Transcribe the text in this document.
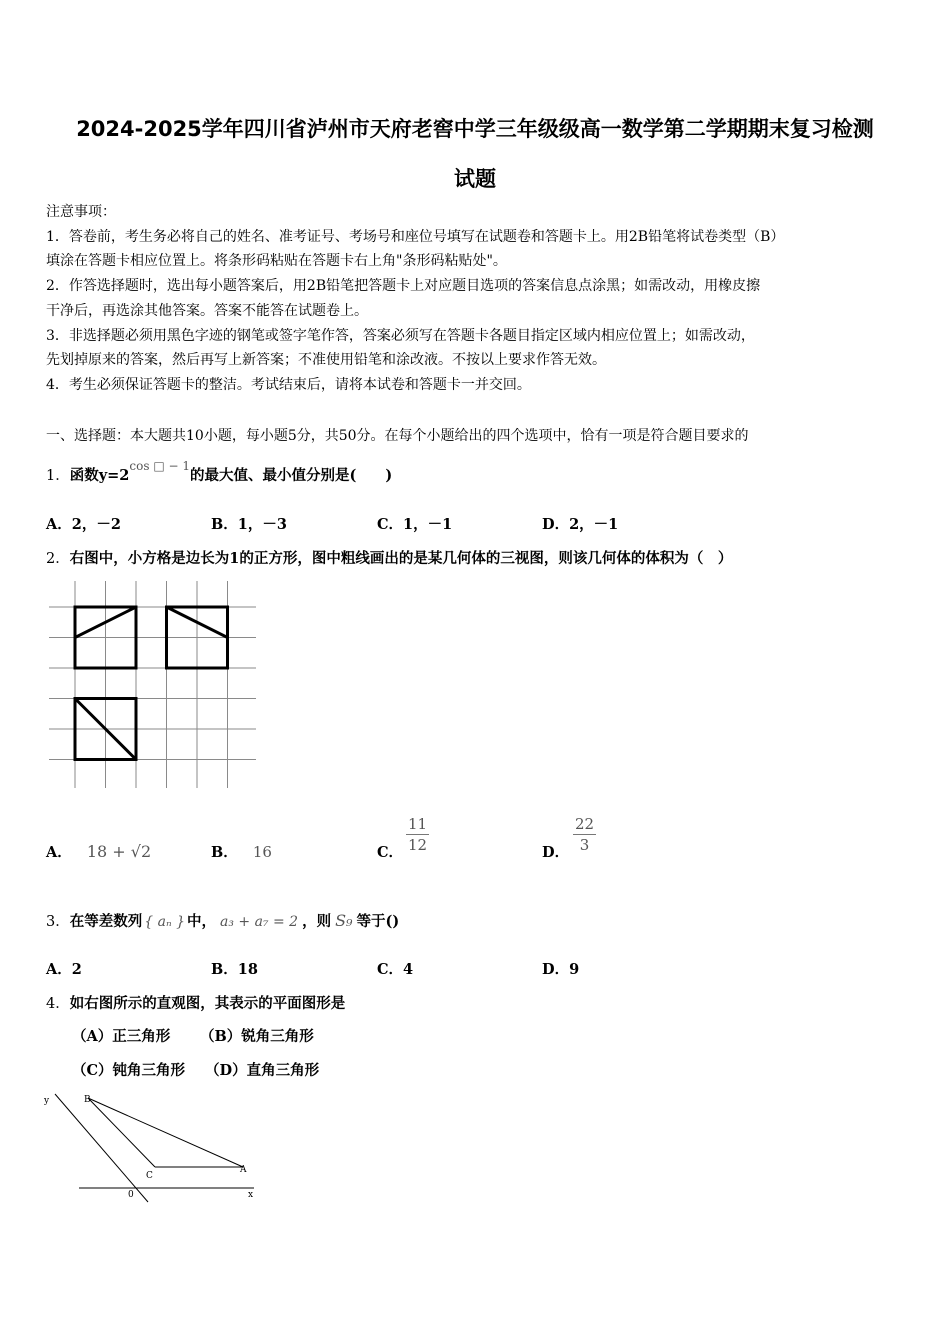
2024-2025学年四川省泸州市天府老窖中学三年级级高一数学第二学期期末复习检测
试题
注意事项：
1．答卷前，考生务必将自己的姓名、准考证号、考场号和座位号填写在试题卷和答题卡上。用2B铅笔将试卷类型（B）
填涂在答题卡相应位置上。将条形码粘贴在答题卡右上角"条形码粘贴处"。
2．作答选择题时，选出每小题答案后，用2B铅笔把答题卡上对应题目选项的答案信息点涂黑；如需改动，用橡皮擦
干净后，再选涂其他答案。答案不能答在试题卷上。
3．非选择题必须用黑色字迹的钢笔或签字笔作答，答案必须写在答题卡各题目指定区域内相应位置上；如需改动，
先划掉原来的答案，然后再写上新答案；不准使用铅笔和涂改液。不按以上要求作答无效。
4．考生必须保证答题卡的整洁。考试结束后，请将本试卷和答题卡一并交回。
一、选择题：本大题共10小题，每小题5分，共50分。在每个小题给出的四个选项中，恰有一项是符合题目要求的
1．函数$y=2^{cos □ - 1}$的最大值、最小值分别是(　　)
A．2，－2	B．1，－3	C．1，－1	D．2，－1
2．右图中，小方格是边长为1的正方形，图中粗线画出的是某几何体的三视图，则该几何体的体积为（　）
A． 18 + √2	B． 16	C． $\frac{11}{12}$	D． $\frac{22}{3}$
3．在等差数列 { aₙ } 中， a₃ + a₇ = 2 ，则 S₉ 等于()
A．2	B．18	C．4	D．9
4．如右图所示的直观图，其表示的平面图形是
（A）正三角形 （B）锐角三角形
（C）钝角三角形 （D）直角三角形
y	B
C
A
0	x
